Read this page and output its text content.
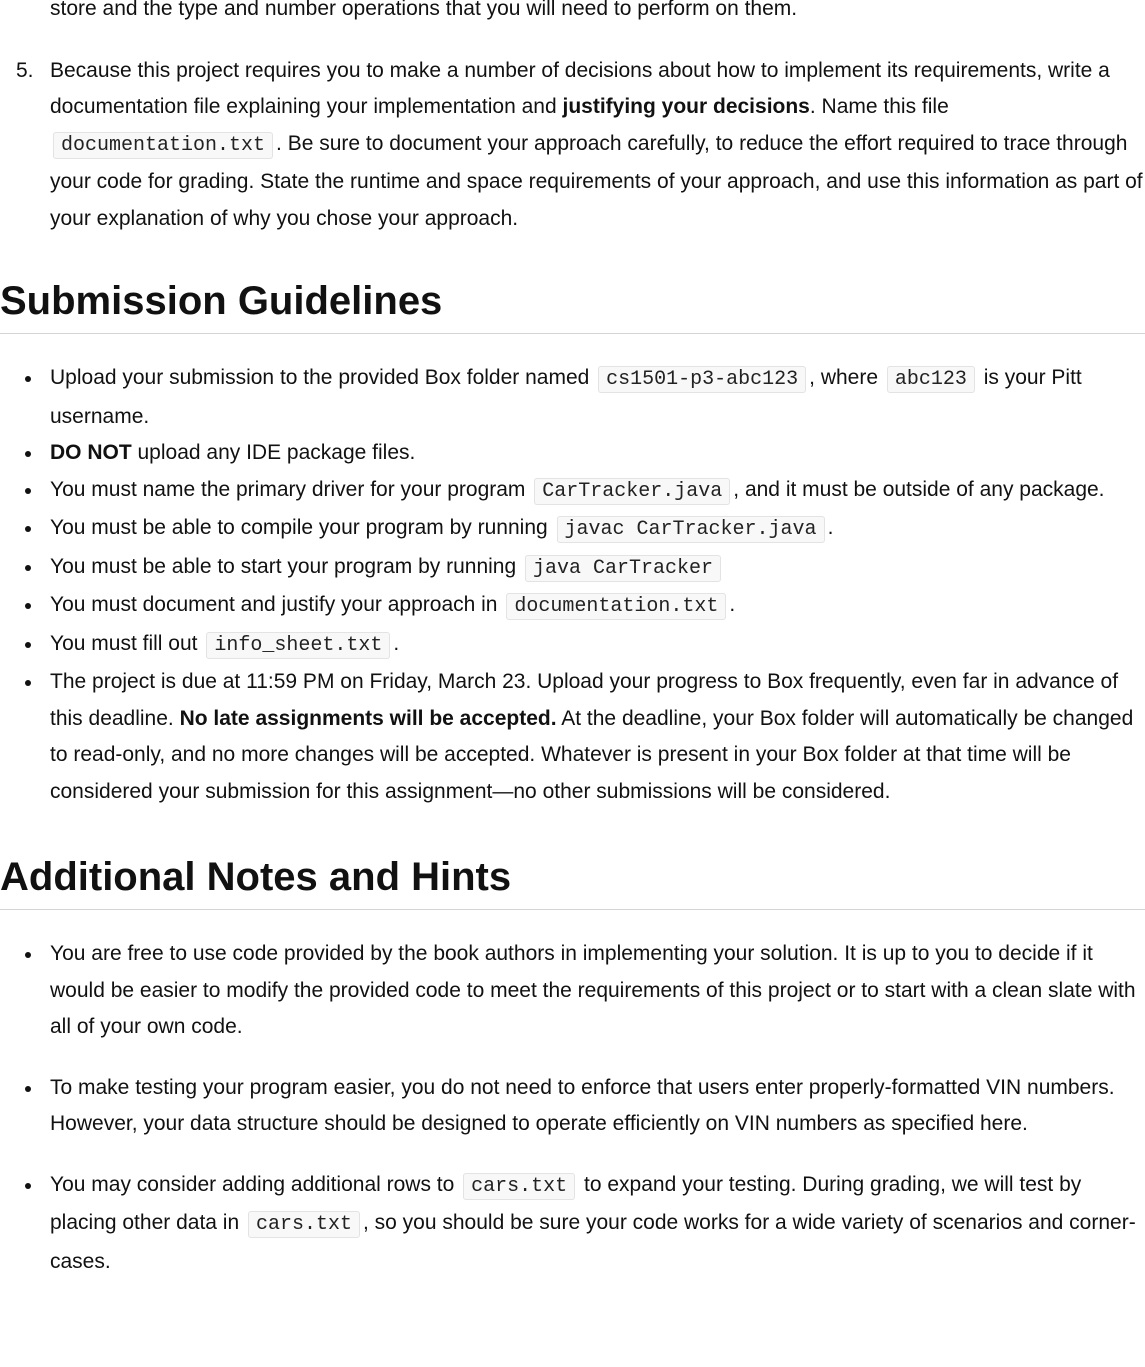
store and the type and number operations that you will need to perform on them.

5. Because this project requires you to make a number of decisions about how to implement its requirements, write a documentation file explaining your implementation and justifying your decisions. Name this file documentation.txt . Be sure to document your approach carefully, to reduce the effort required to trace through your code for grading. State the runtime and space requirements of your approach, and use this information as part of your explanation of why you chose your approach.
Submission Guidelines
Upload your submission to the provided Box folder named cs1501-p3-abc123 , where abc123 is your Pitt username.
DO NOT upload any IDE package files.
You must name the primary driver for your program CarTracker.java , and it must be outside of any package.
You must be able to compile your program by running javac CarTracker.java .
You must be able to start your program by running java CarTracker
You must document and justify your approach in documentation.txt .
You must fill out info_sheet.txt .
The project is due at 11:59 PM on Friday, March 23. Upload your progress to Box frequently, even far in advance of this deadline. No late assignments will be accepted. At the deadline, your Box folder will automatically be changed to read-only, and no more changes will be accepted. Whatever is present in your Box folder at that time will be considered your submission for this assignment—no other submissions will be considered.
Additional Notes and Hints
You are free to use code provided by the book authors in implementing your solution. It is up to you to decide if it would be easier to modify the provided code to meet the requirements of this project or to start with a clean slate with all of your own code.
To make testing your program easier, you do not need to enforce that users enter properly-formatted VIN numbers. However, your data structure should be designed to operate efficiently on VIN numbers as specified here.
You may consider adding additional rows to cars.txt to expand your testing. During grading, we will test by placing other data in cars.txt , so you should be sure your code works for a wide variety of scenarios and corner-cases.
